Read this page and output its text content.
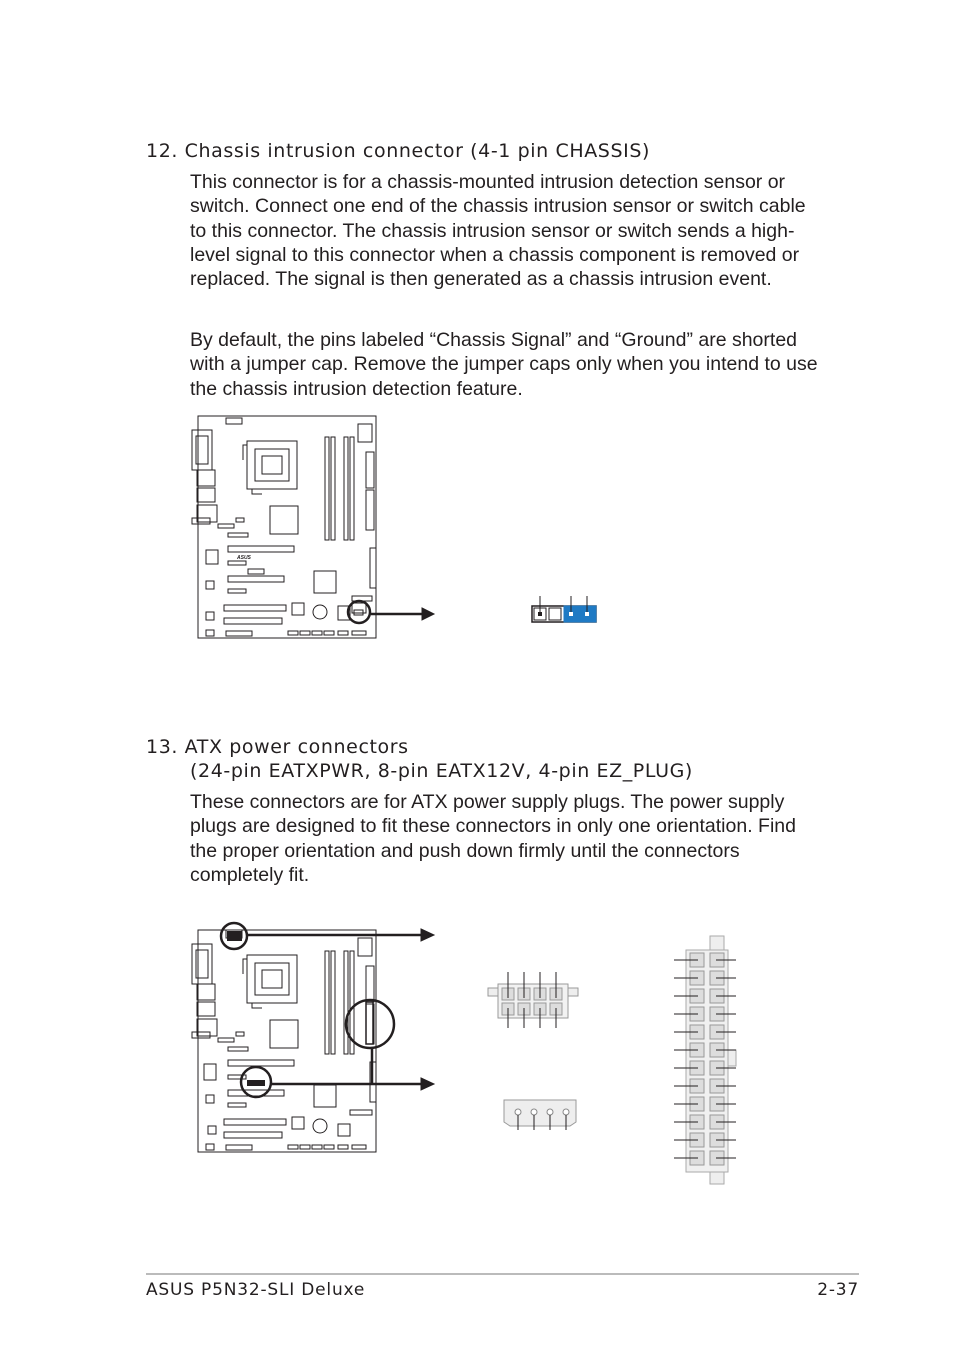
12. Chassis intrusion connector (4-1 pin CHASSIS)
This connector is for a chassis-mounted intrusion detection sensor or switch. Connect one end of the chassis intrusion sensor or switch cable to this connector. The chassis intrusion sensor or switch sends a high-level signal to this connector when a chassis component is removed or replaced. The signal is then generated as a chassis intrusion event.
By default, the pins labeled “Chassis Signal” and “Ground” are shorted with a jumper cap. Remove the jumper caps only when you intend to use the chassis intrusion detection feature.
13. ATX power connectors
(24-pin EATXPWR, 8-pin EATX12V, 4-pin EZ_PLUG)
These connectors are for ATX power supply plugs. The power supply plugs are designed to fit these connectors in only one orientation. Find the proper orientation and push down firmly until the connectors completely fit.
ASUS
ASUS P5N32-SLI Deluxe	2-37
